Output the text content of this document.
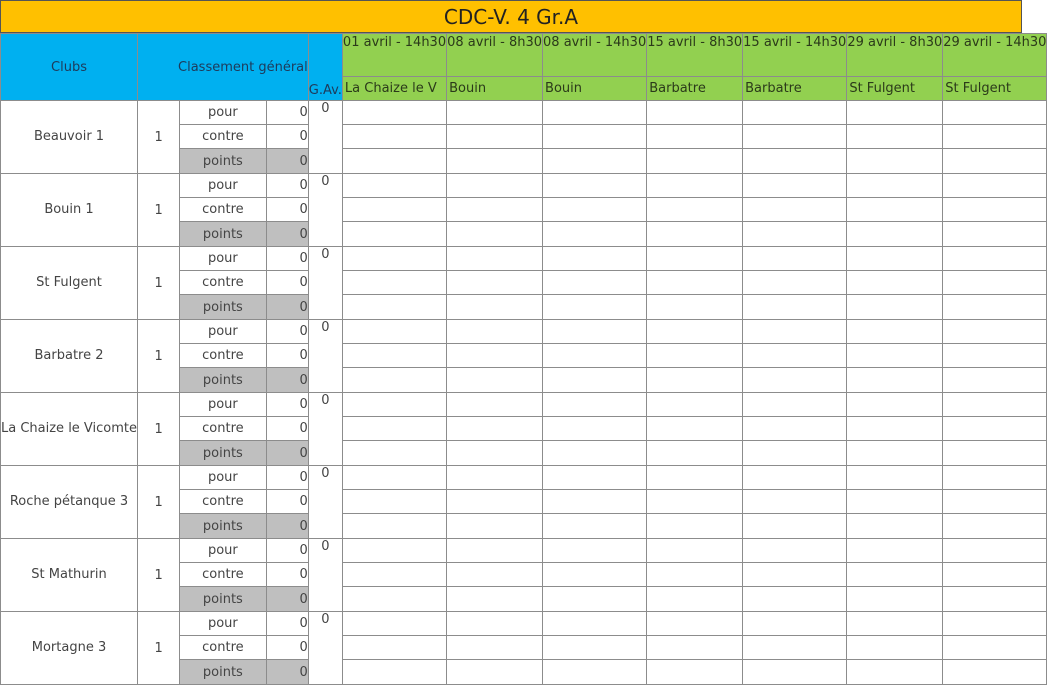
CDC-V. 4 Gr.A
Clubs	Classement général			G.Av.	01 avril - 14h30	08 avril - 8h30	08 avril - 14h30	15 avril - 8h30	15 avril - 14h30	29 avril - 8h30	29 avril - 14h30
					La Chaize le V	Bouin	Bouin	Barbatre	Barbatre	St Fulgent	St Fulgent
Beauvoir 1	1	pour	0	0							
		contre	0								
		points	0								
Bouin 1	1	pour	0	0							
		contre	0								
		points	0								
St Fulgent	1	pour	0	0							
		contre	0								
		points	0								
Barbatre 2	1	pour	0	0							
		contre	0								
		points	0								
La Chaize le Vicomte	1	pour	0	0							
		contre	0								
		points	0								
Roche pétanque 3	1	pour	0	0							
		contre	0								
		points	0								
St Mathurin	1	pour	0	0							
		contre	0								
		points	0								
Mortagne 3	1	pour	0	0							
		contre	0								
		points	0								
